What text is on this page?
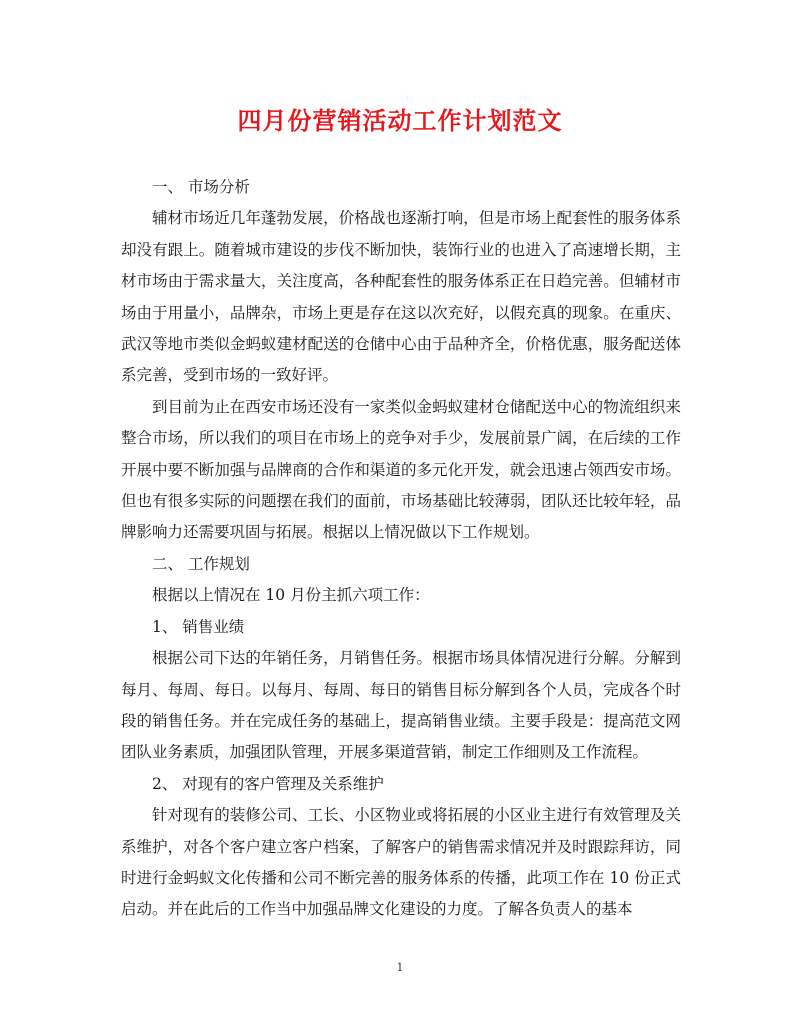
四月份营销活动工作计划范文

一、 市场分析

辅材市场近几年蓬勃发展，价格战也逐渐打响，但是市场上配套性的服务体系却没有跟上。随着城市建设的步伐不断加快，装饰行业的也进入了高速增长期，主材市场由于需求量大，关注度高，各种配套性的服务体系正在日趋完善。但辅材市场由于用量小，品牌杂，市场上更是存在这以次充好，以假充真的现象。在重庆、武汉等地市类似金蚂蚁建材配送的仓储中心由于品种齐全，价格优惠，服务配送体系完善，受到市场的一致好评。

到目前为止在西安市场还没有一家类似金蚂蚁建材仓储配送中心的物流组织来整合市场，所以我们的项目在市场上的竞争对手少，发展前景广阔，在后续的工作开展中要不断加强与品牌商的合作和渠道的多元化开发，就会迅速占领西安市场。但也有很多实际的问题摆在我们的面前，市场基础比较薄弱，团队还比较年轻，品牌影响力还需要巩固与拓展。根据以上情况做以下工作规划。

二、 工作规划

根据以上情况在 10 月份主抓六项工作：

1、 销售业绩

根据公司下达的年销任务，月销售任务。根据市场具体情况进行分解。分解到每月、每周、每日。以每月、每周、每日的销售目标分解到各个人员，完成各个时段的销售任务。并在完成任务的基础上，提高销售业绩。主要手段是：提高范文网团队业务素质，加强团队管理，开展多渠道营销，制定工作细则及工作流程。

2、 对现有的客户管理及关系维护

针对现有的装修公司、工长、小区物业或将拓展的小区业主进行有效管理及关系维护，对各个客户建立客户档案，了解客户的销售需求情况并及时跟踪拜访，同时进行金蚂蚁文化传播和公司不断完善的服务体系的传播，此项工作在 10 份正式启动。并在此后的工作当中加强品牌文化建设的力度。了解各负责人的基本

1
